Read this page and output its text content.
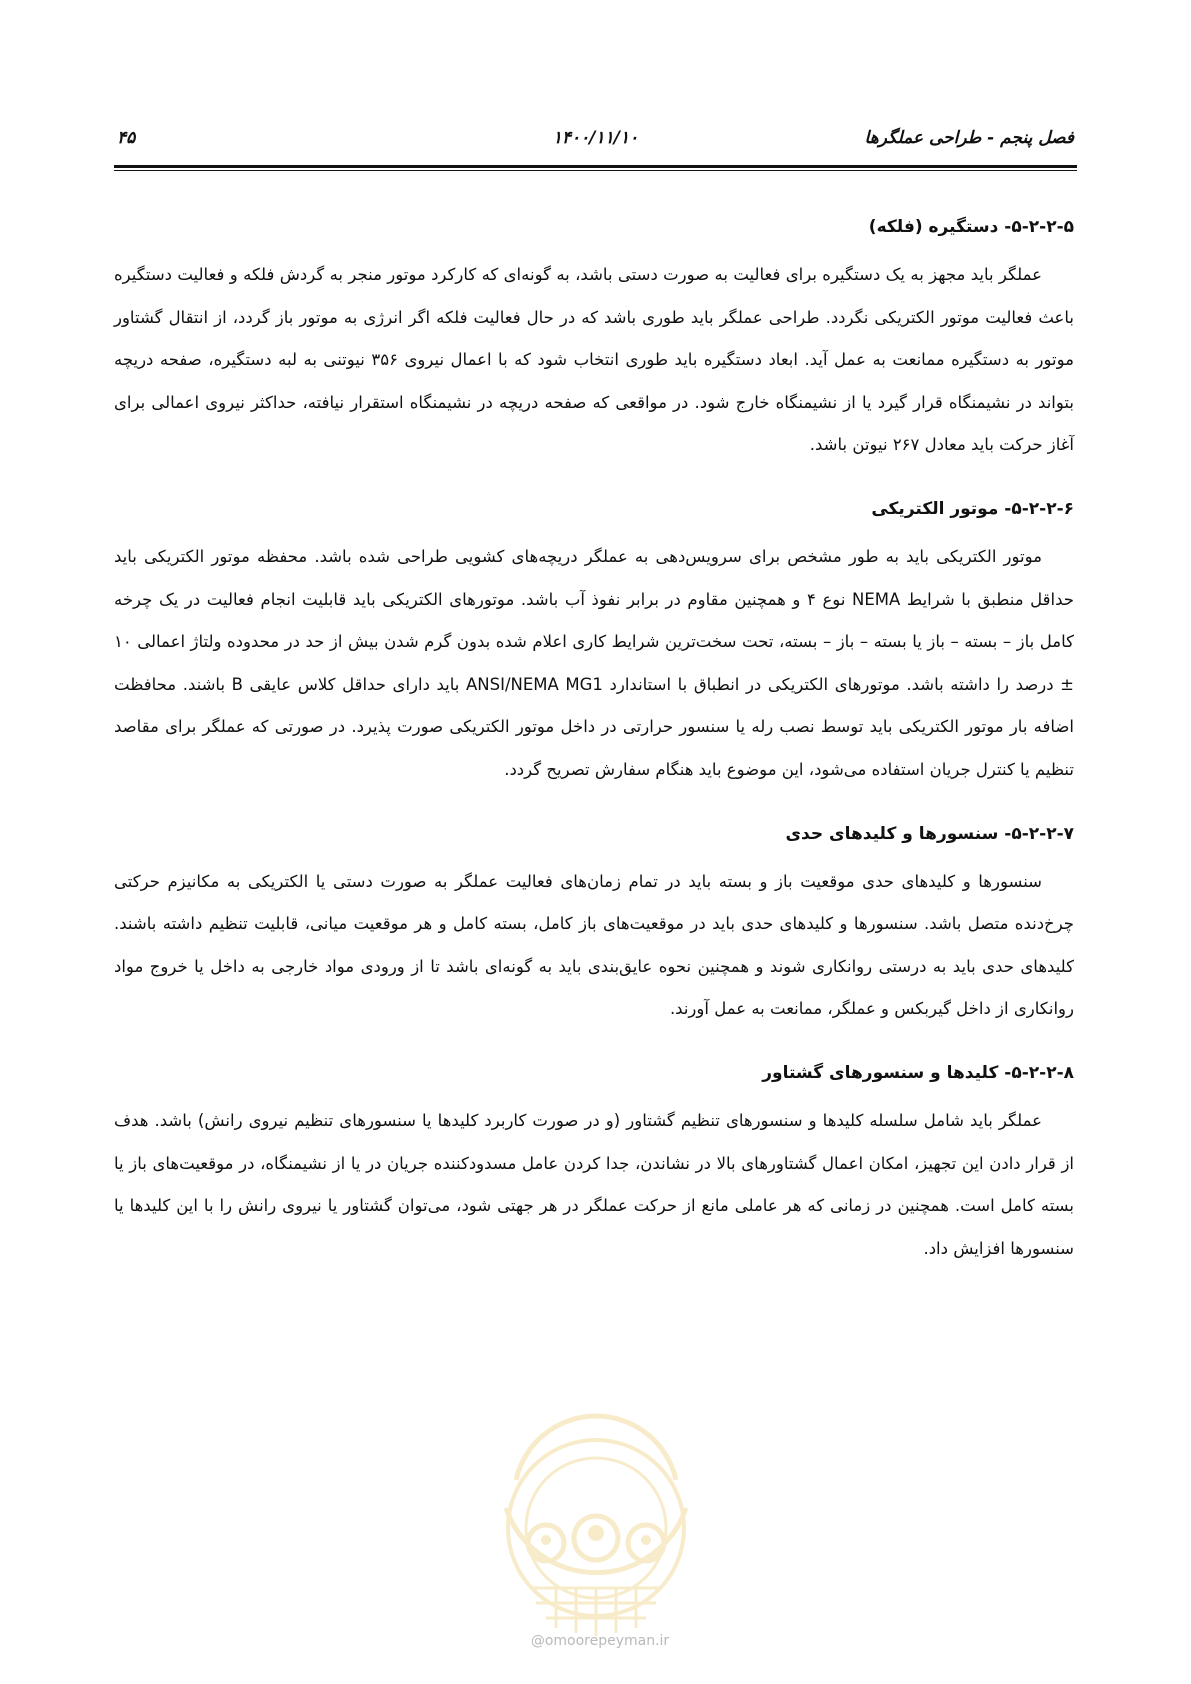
فصل پنجم - طراحی عملگرها
۱۴۰۰/۱۱/۱۰
۴۵
۵-۲-۲-۵- دستگیره (فلکه)

عملگر باید مجهز به یک دستگیره برای فعالیت به صورت دستی باشد، به گونه‌ای که کارکرد موتور منجر به گردش فلکه و فعالیت دستگیره باعث فعالیت موتور الکتریکی نگردد. طراحی عملگر باید طوری باشد که در حال فعالیت فلکه اگر انرژی به موتور باز گردد، از انتقال گشتاور موتور به دستگیره ممانعت به عمل آید. ابعاد دستگیره باید طوری انتخاب شود که با اعمال نیروی ۳۵۶ نیوتنی به لبه دستگیره، صفحه دریچه بتواند در نشیمنگاه قرار گیرد یا از نشیمنگاه خارج شود. در مواقعی که صفحه دریچه در نشیمنگاه استقرار نیافته، حداکثر نیروی اعمالی برای آغاز حرکت باید معادل ۲۶۷ نیوتن باشد.

۵-۲-۲-۶- موتور الکتریکی

موتور الکتریکی باید به طور مشخص برای سرویس‌دهی به عملگر دریچه‌های کشویی طراحی شده باشد. محفظه موتور الکتریکی باید حداقل منطبق با شرایط NEMA نوع ۴ و همچنین مقاوم در برابر نفوذ آب باشد. موتورهای الکتریکی باید قابلیت انجام فعالیت در یک چرخه کامل باز – بسته – باز یا بسته – باز – بسته، تحت سخت‌ترین شرایط کاری اعلام شده بدون گرم شدن بیش از حد در محدوده ولتاژ اعمالی ۱۰ ± درصد را داشته باشد. موتورهای الکتریکی در انطباق با استاندارد ANSI/NEMA MG1 باید دارای حداقل کلاس عایقی B باشند. محافظت اضافه بار موتور الکتریکی باید توسط نصب رله یا سنسور حرارتی در داخل موتور الکتریکی صورت پذیرد. در صورتی که عملگر برای مقاصد تنظیم یا کنترل جریان استفاده می‌شود، این موضوع باید هنگام سفارش تصریح گردد.

۵-۲-۲-۷- سنسورها و کلیدهای حدی

سنسورها و کلیدهای حدی موقعیت باز و بسته باید در تمام زمان‌های فعالیت عملگر به صورت دستی یا الکتریکی به مکانیزم حرکتی چرخ‌دنده متصل باشد. سنسورها و کلیدهای حدی باید در موقعیت‌های باز کامل، بسته کامل و هر موقعیت میانی، قابلیت تنظیم داشته باشند. کلیدهای حدی باید به درستی روانکاری شوند و همچنین نحوه عایق‌بندی باید به گونه‌ای باشد تا از ورودی مواد خارجی به داخل یا خروج مواد روانکاری از داخل گیربکس و عملگر، ممانعت به عمل آورند.

۵-۲-۲-۸- کلیدها و سنسورهای گشتاور

عملگر باید شامل سلسله کلیدها و سنسورهای تنظیم گشتاور (و در صورت کاربرد کلیدها یا سنسورهای تنظیم نیروی رانش) باشد. هدف از قرار دادن این تجهیز، امکان اعمال گشتاورهای بالا در نشاندن، جدا کردن عامل مسدودکننده جریان در یا از نشیمنگاه، در موقعیت‌های باز یا بسته کامل است. همچنین در زمانی که هر عاملی مانع از حرکت عملگر در هر جهتی شود، می‌توان گشتاور یا نیروی رانش را با این کلیدها یا سنسورها افزایش داد.

@omoorepeyman.ir
